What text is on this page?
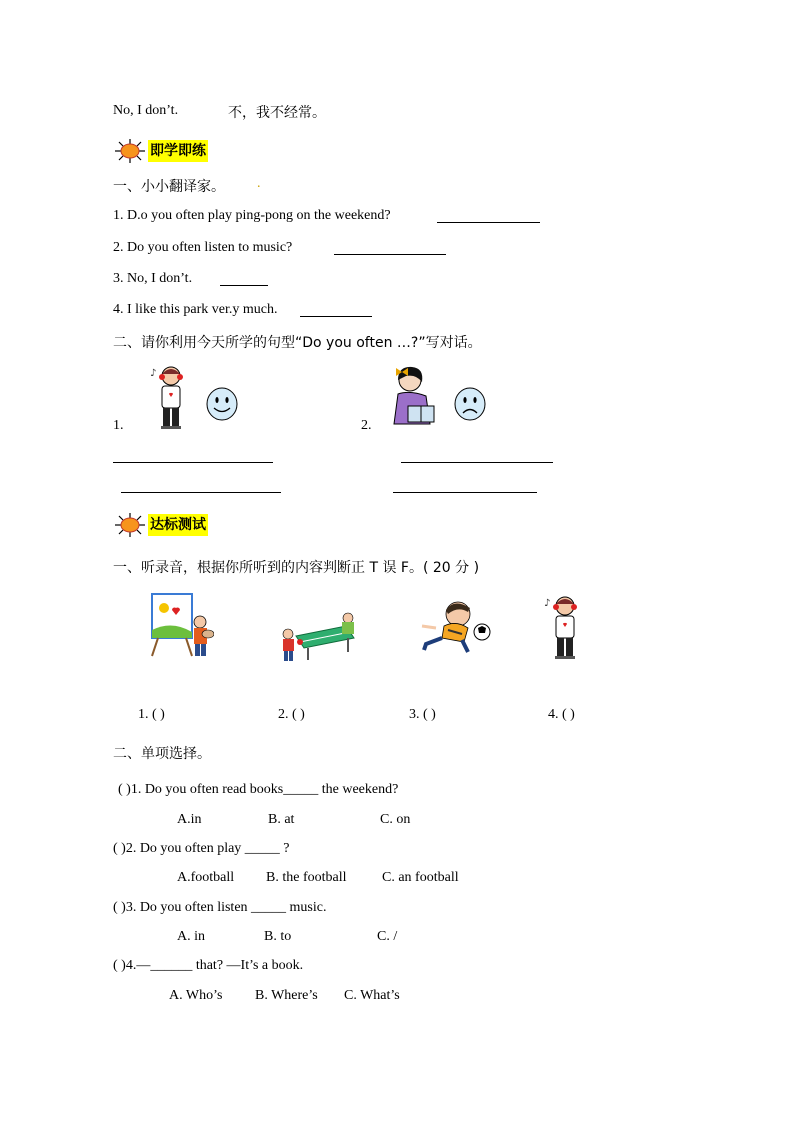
No, I don’t.	不，我不经常。
即学即练
一、小小翻译家。 .
1. D.o you often play ping-pong on the weekend?
2. Do you often listen to music?
3. No, I don’t.
4. I like this park ver.y much.
二、请你利用今天所学的句型“Do you often …?”写对话。
1.
♪
2.
达标测试
一、听录音，根据你所听到的内容判断正 T 误 F。( 20 分 )
♪
1. ( )	2. ( )	3. ( )	4. ( )
二、单项选择。
( )1. Do you often read books_____ the weekend?
A.in	B. at	C. on
( )2. Do you often play _____ ?
A.football B. the football	C. an football
( )3. Do you often listen _____ music.
A. in	B. to	C. /
( )4.—______ that? —It’s a book.
A. Who’s B. Where’s C. What’s
